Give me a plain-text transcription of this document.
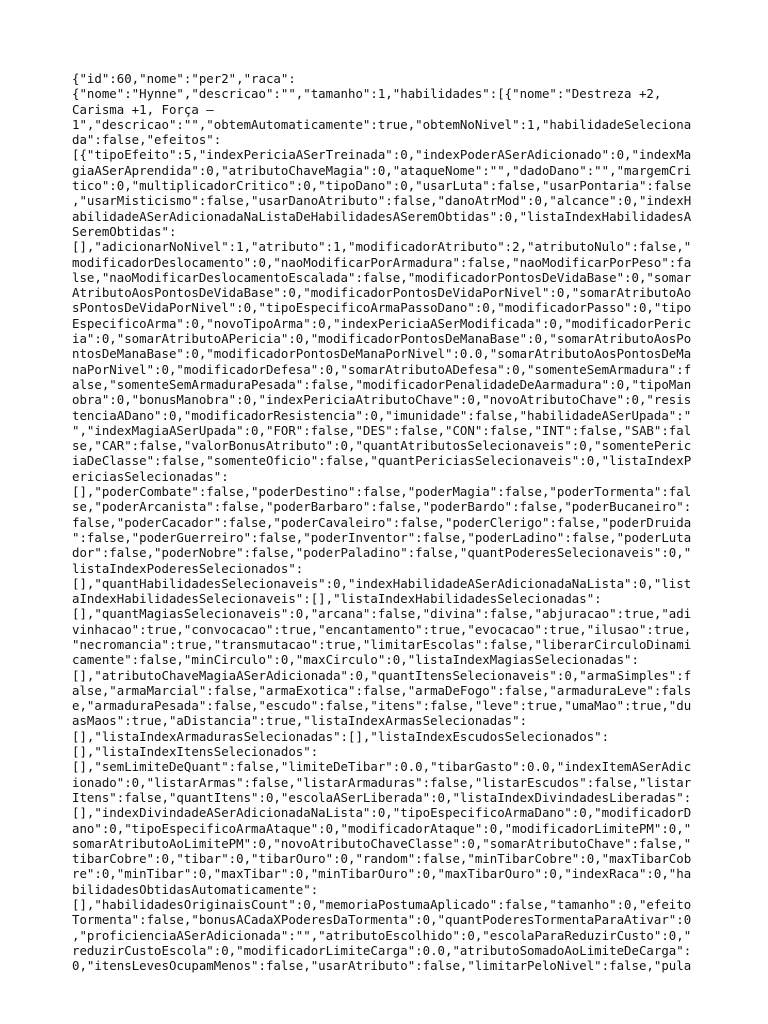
{"id":60,"nome":"per2","raca":
{"nome":"Hynne","descricao":"","tamanho":1,"habilidades":[{"nome":"Destreza +2,
Carisma +1, Força –
1","descricao":"","obtemAutomaticamente":true,"obtemNoNivel":1,"habilidadeSeleciona
da":false,"efeitos":
[{"tipoEfeito":5,"indexPericiaASerTreinada":0,"indexPoderASerAdicionado":0,"indexMa
giaASerAprendida":0,"atributoChaveMagia":0,"ataqueNome":"","dadoDano":"","margemCri
tico":0,"multiplicadorCritico":0,"tipoDano":0,"usarLuta":false,"usarPontaria":false
,"usarMisticismo":false,"usarDanoAtributo":false,"danoAtrMod":0,"alcance":0,"indexH
abilidadeASerAdicionadaNaListaDeHabilidadesASeremObtidas":0,"listaIndexHabilidadesA
SeremObtidas":
[],"adicionarNoNivel":1,"atributo":1,"modificadorAtributo":2,"atributoNulo":false,"
modificadorDeslocamento":0,"naoModificarPorArmadura":false,"naoModificarPorPeso":fa
lse,"naoModificarDeslocamentoEscalada":false,"modificadorPontosDeVidaBase":0,"somar
AtributoAosPontosDeVidaBase":0,"modificadorPontosDeVidaPorNivel":0,"somarAtributoAo
sPontosDeVidaPorNivel":0,"tipoEspecificoArmaPassoDano":0,"modificadorPasso":0,"tipo
EspecificoArma":0,"novoTipoArma":0,"indexPericiaASerModificada":0,"modificadorPeric
ia":0,"somarAtributoAPericia":0,"modificadorPontosDeManaBase":0,"somarAtributoAosPo
ntosDeManaBase":0,"modificadorPontosDeManaPorNivel":0.0,"somarAtributoAosPontosDeMa
naPorNivel":0,"modificadorDefesa":0,"somarAtributoADefesa":0,"somenteSemArmadura":f
alse,"somenteSemArmaduraPesada":false,"modificadorPenalidadeDeAarmadura":0,"tipoMan
obra":0,"bonusManobra":0,"indexPericiaAtributoChave":0,"novoAtributoChave":0,"resis
tenciaADano":0,"modificadorResistencia":0,"imunidade":false,"habilidadeASerUpada":"
","indexMagiaASerUpada":0,"FOR":false,"DES":false,"CON":false,"INT":false,"SAB":fal
se,"CAR":false,"valorBonusAtributo":0,"quantAtributosSelecionaveis":0,"somentePeric
iaDeClasse":false,"somenteOficio":false,"quantPericiasSelecionaveis":0,"listaIndexP
ericiasSelecionadas":
[],"poderCombate":false,"poderDestino":false,"poderMagia":false,"poderTormenta":fal
se,"poderArcanista":false,"poderBarbaro":false,"poderBardo":false,"poderBucaneiro":
false,"poderCacador":false,"poderCavaleiro":false,"poderClerigo":false,"poderDruida
":false,"poderGuerreiro":false,"poderInventor":false,"poderLadino":false,"poderLuta
dor":false,"poderNobre":false,"poderPaladino":false,"quantPoderesSelecionaveis":0,"
listaIndexPoderesSelecionados":
[],"quantHabilidadesSelecionaveis":0,"indexHabilidadeASerAdicionadaNaLista":0,"list
aIndexHabilidadesSelecionaveis":[],"listaIndexHabilidadesSelecionadas":
[],"quantMagiasSelecionaveis":0,"arcana":false,"divina":false,"abjuracao":true,"adi
vinhacao":true,"convocacao":true,"encantamento":true,"evocacao":true,"ilusao":true,
"necromancia":true,"transmutacao":true,"limitarEscolas":false,"liberarCirculoDinami
camente":false,"minCirculo":0,"maxCirculo":0,"listaIndexMagiasSelecionadas":
[],"atributoChaveMagiaASerAdicionada":0,"quantItensSelecionaveis":0,"armaSimples":f
alse,"armaMarcial":false,"armaExotica":false,"armaDeFogo":false,"armaduraLeve":fals
e,"armaduraPesada":false,"escudo":false,"itens":false,"leve":true,"umaMao":true,"du
asMaos":true,"aDistancia":true,"listaIndexArmasSelecionadas":
[],"listaIndexArmadurasSelecionadas":[],"listaIndexEscudosSelecionados":
[],"listaIndexItensSelecionados":
[],"semLimiteDeQuant":false,"limiteDeTibar":0.0,"tibarGasto":0.0,"indexItemASerAdic
ionado":0,"listarArmas":false,"listarArmaduras":false,"listarEscudos":false,"listar
Itens":false,"quantItens":0,"escolaASerLiberada":0,"listaIndexDivindadesLiberadas":
[],"indexDivindadeASerAdicionadaNaLista":0,"tipoEspecificoArmaDano":0,"modificadorD
ano":0,"tipoEspecificoArmaAtaque":0,"modificadorAtaque":0,"modificadorLimitePM":0,"
somarAtributoAoLimitePM":0,"novoAtributoChaveClasse":0,"somarAtributoChave":false,"
tibarCobre":0,"tibar":0,"tibarOuro":0,"random":false,"minTibarCobre":0,"maxTibarCob
re":0,"minTibar":0,"maxTibar":0,"minTibarOuro":0,"maxTibarOuro":0,"indexRaca":0,"ha
bilidadesObtidasAutomaticamente":
[],"habilidadesOriginaisCount":0,"memoriaPostumaAplicado":false,"tamanho":0,"efeito
Tormenta":false,"bonusACadaXPoderesDaTormenta":0,"quantPoderesTormentaParaAtivar":0
,"proficienciaASerAdicionada":"","atributoEscolhido":0,"escolaParaReduzirCusto":0,"
reduzirCustoEscola":0,"modificadorLimiteCarga":0.0,"atributoSomadoAoLimiteDeCarga":
0,"itensLevesOcupamMenos":false,"usarAtributo":false,"limitarPeloNivel":false,"pula
